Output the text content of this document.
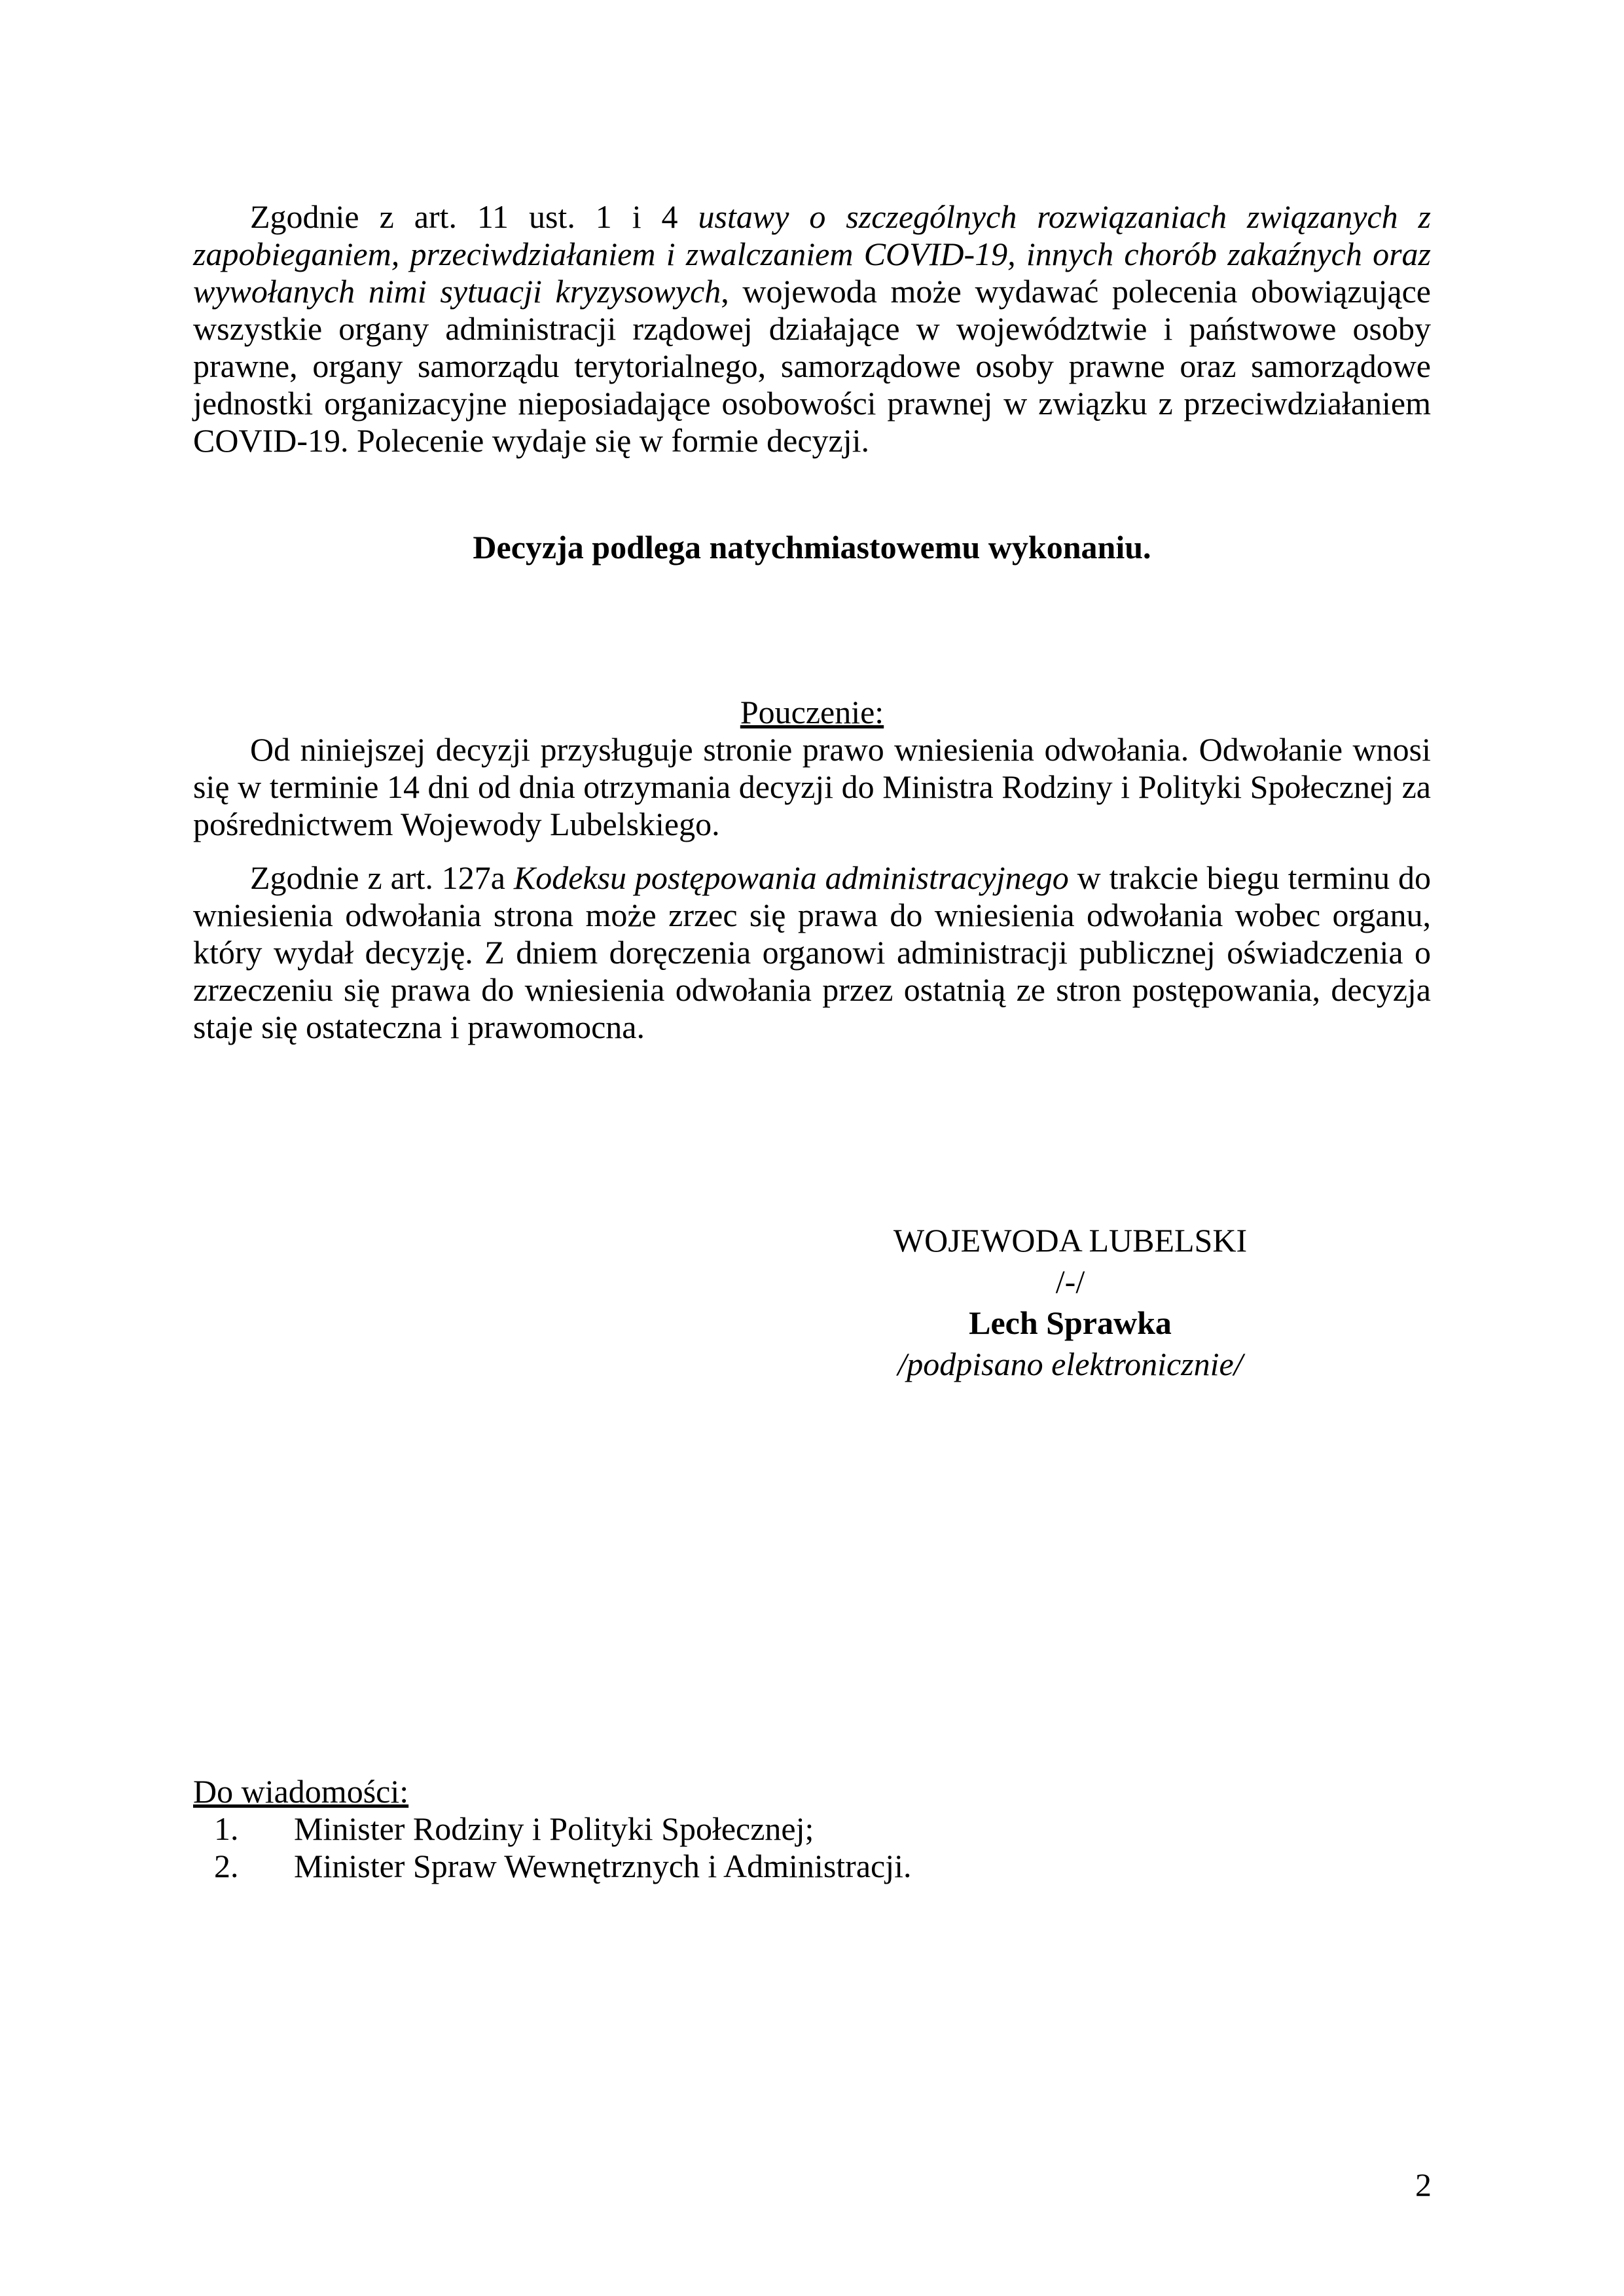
Zgodnie z art. 11 ust. 1 i 4 ustawy o szczególnych rozwiązaniach związanych z zapobieganiem, przeciwdziałaniem i zwalczaniem COVID-19, innych chorób zakaźnych oraz wywołanych nimi sytuacji kryzysowych, wojewoda może wydawać polecenia obowiązujące wszystkie organy administracji rządowej działające w województwie i państwowe osoby prawne, organy samorządu terytorialnego, samorządowe osoby prawne oraz samorządowe jednostki organizacyjne nieposiadające osobowości prawnej w związku z przeciwdziałaniem COVID-19. Polecenie wydaje się w formie decyzji.

Decyzja podlega natychmiastowemu wykonaniu.

Pouczenie:

Od niniejszej decyzji przysługuje stronie prawo wniesienia odwołania. Odwołanie wnosi się w terminie 14 dni od dnia otrzymania decyzji do Ministra Rodziny i Polityki Społecznej za pośrednictwem Wojewody Lubelskiego.

Zgodnie z art. 127a Kodeksu postępowania administracyjnego w trakcie biegu terminu do wniesienia odwołania strona może zrzec się prawa do wniesienia odwołania wobec organu, który wydał decyzję. Z dniem doręczenia organowi administracji publicznej oświadczenia o zrzeczeniu się prawa do wniesienia odwołania przez ostatnią ze stron postępowania, decyzja staje się ostateczna i prawomocna.

WOJEWODA LUBELSKI

/-/

Lech Sprawka

/podpisano elektronicznie/

Do wiadomości:

1.	Minister Rodziny i Polityki Społecznej;
2.	Minister Spraw Wewnętrznych i Administracji.
2
